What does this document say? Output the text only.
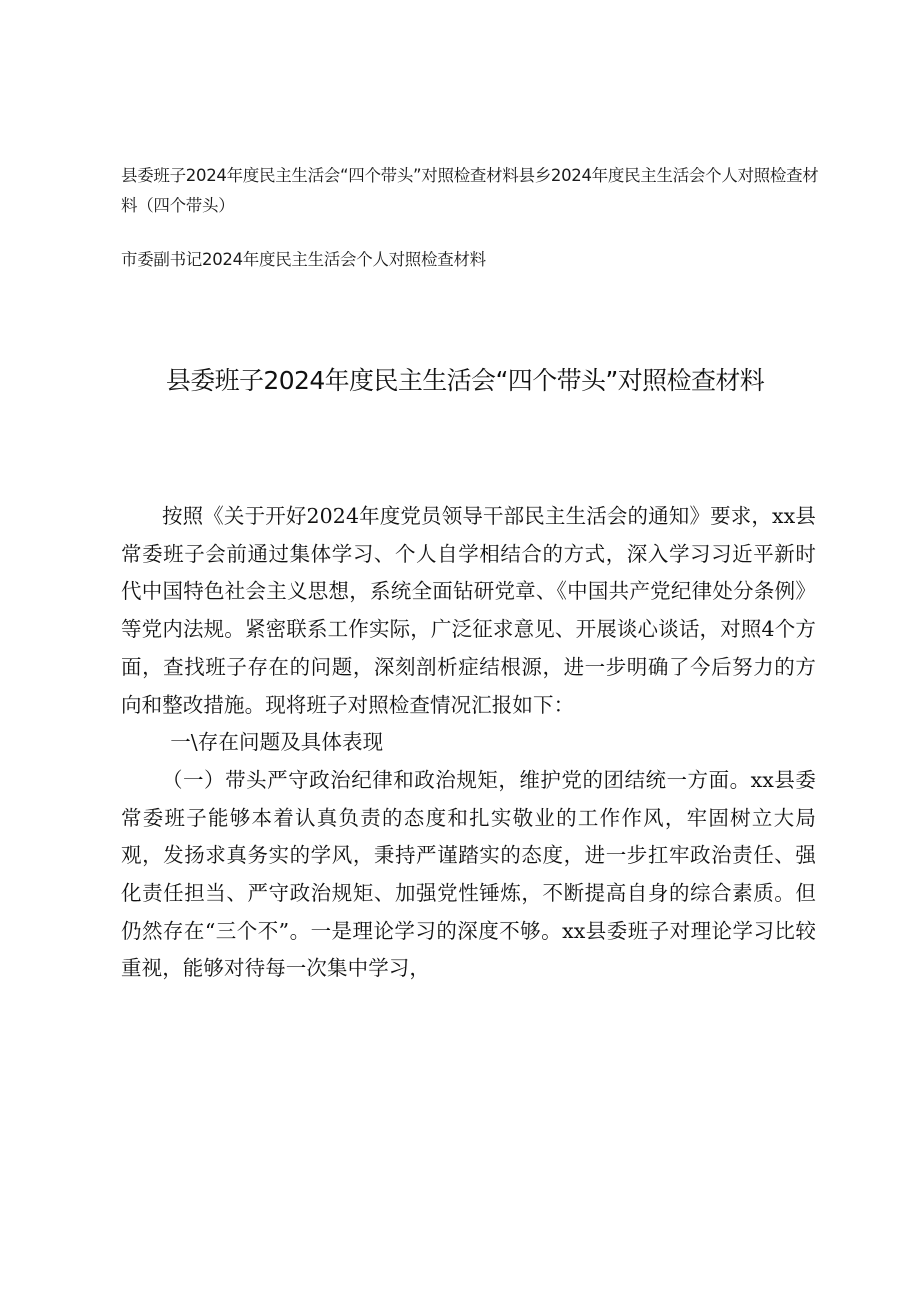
县委班子2024年度民主生活会“四个带头”对照检查材料县乡2024年度民主生活会个人对照检查材料（四个带头）
市委副书记2024年度民主生活会个人对照检查材料
县委班子2024年度民主生活会“四个带头”对照检查材料

按照《关于开好2024年度党员领导干部民主生活会的通知》要求，xx县常委班子会前通过集体学习、个人自学相结合的方式，深入学习习近平新时代中国特色社会主义思想，系统全面钻研党章、《中国共产党纪律处分条例》等党内法规。紧密联系工作实际，广泛征求意见、开展谈心谈话，对照4个方面，查找班子存在的问题，深刻剖析症结根源，进一步明确了今后努力的方向和整改措施。现将班子对照检查情况汇报如下：

一\存在问题及具体表现

（一）带头严守政治纪律和政治规矩，维护党的团结统一方面。xx县委常委班子能够本着认真负责的态度和扎实敬业的工作作风，牢固树立大局观，发扬求真务实的学风，秉持严谨踏实的态度，进一步扛牢政治责任、强化责任担当、严守政治规矩、加强党性锤炼，不断提高自身的综合素质。但仍然存在“三个不”。一是理论学习的深度不够。xx县委班子对理论学习比较重视，能够对待每一次集中学习，
